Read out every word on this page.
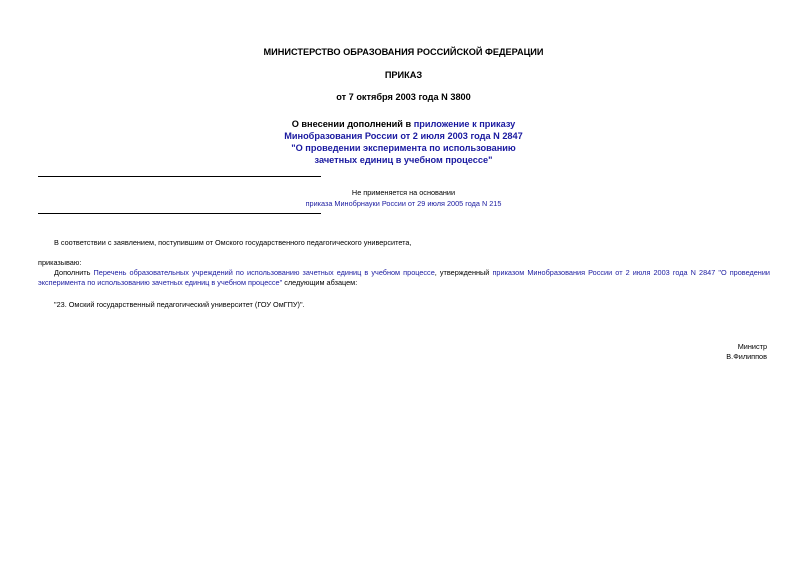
МИНИСТЕРСТВО ОБРАЗОВАНИЯ РОССИЙСКОЙ ФЕДЕРАЦИИ
ПРИКАЗ
от 7 октября 2003 года N 3800
О внесении дополнений в приложение к приказу
Минобразования России от 2 июля 2003 года N 2847
"О проведении эксперимента по использованию
зачетных единиц в учебном процессе"
Не применяется на основании
приказа Минобрнауки России от 29 июля 2005 года N 215
В соответствии с заявлением, поступившим от Омского государственного педагогического университета,
приказываю:
Дополнить Перечень образовательных учреждений по использованию зачетных единиц в учебном процессе, утвержденный приказом Минобразования России от 2 июля 2003 года N 2847 "О проведении
эксперимента по использованию зачетных единиц в учебном процессе" следующим абзацем:
"23. Омский государственный педагогический университет (ГОУ ОмГПУ)".
Министр
В.Филиппов
